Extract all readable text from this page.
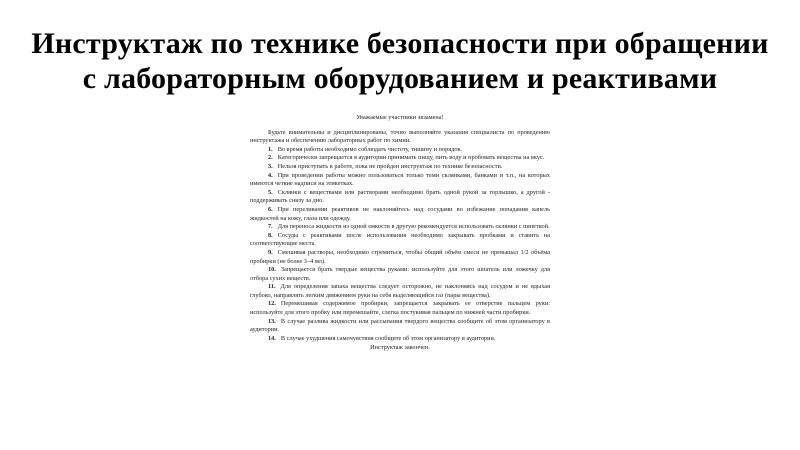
Инструктаж по технике безопасности при обращении с лабораторным оборудованием и реактивами
Уважаемые участники экзамена!

Будьте внимательны и дисциплинированы, точно выполняйте указания специалиста по проведению инструктажа и обеспечению лабораторных работ по химии.

1. Во время работы необходимо соблюдать чистоту, тишину и порядок.

2. Категорически запрещается в аудитории принимать пищу, пить воду и пробовать вещества на вкус.

3. Нельзя приступать к работе, пока не пройден инструктаж по технике безопасности.

4. При проведении работы можно пользоваться только теми склянками, банками и т.п., на которых имеются четкие надписи на этикетках.

5. Склянки с веществами или растворами необходимо брать одной рукой за горлышко, а другой - поддерживать снизу за дно.

6. При переливании реактивов не наклоняйтесь над сосудами во избежание попадания капель жидкостей на кожу, глаза или одежду.

7. Для переноса жидкости из одной емкости в другую рекомендуется использовать склянки с пипеткой.

8. Сосуды с реактивами после использования необходимо закрывать пробками и ставить на соответствующие места.

9. Смешивая растворы, необходимо стремиться, чтобы общий объём смеси не превышал 1/2 объёма пробирки (не более 3–4 мл).

10. Запрещается брать твердые вещества руками: используйте для этого шпатель или ложечку для отбора сухих веществ.

11. Для определения запаха вещества следует осторожно, не наклоняясь над сосудом и не вдыхая глубоко, направлять легким движением руки на себя выделяющийся газ (пары вещества).

12. Перемешивая содержимое пробирки, запрещается закрывать ее отверстие пальцем руки: используйте для этого пробку или перемешайте, слегка постукивая пальцем по нижней части пробирки.

13. В случае разлива жидкости или рассыпания твердого вещества сообщите об этом организатору в аудитории.

14. В случае ухудшения самочувствия сообщите об этом организатору в аудитории.

Инструктаж закончен.
